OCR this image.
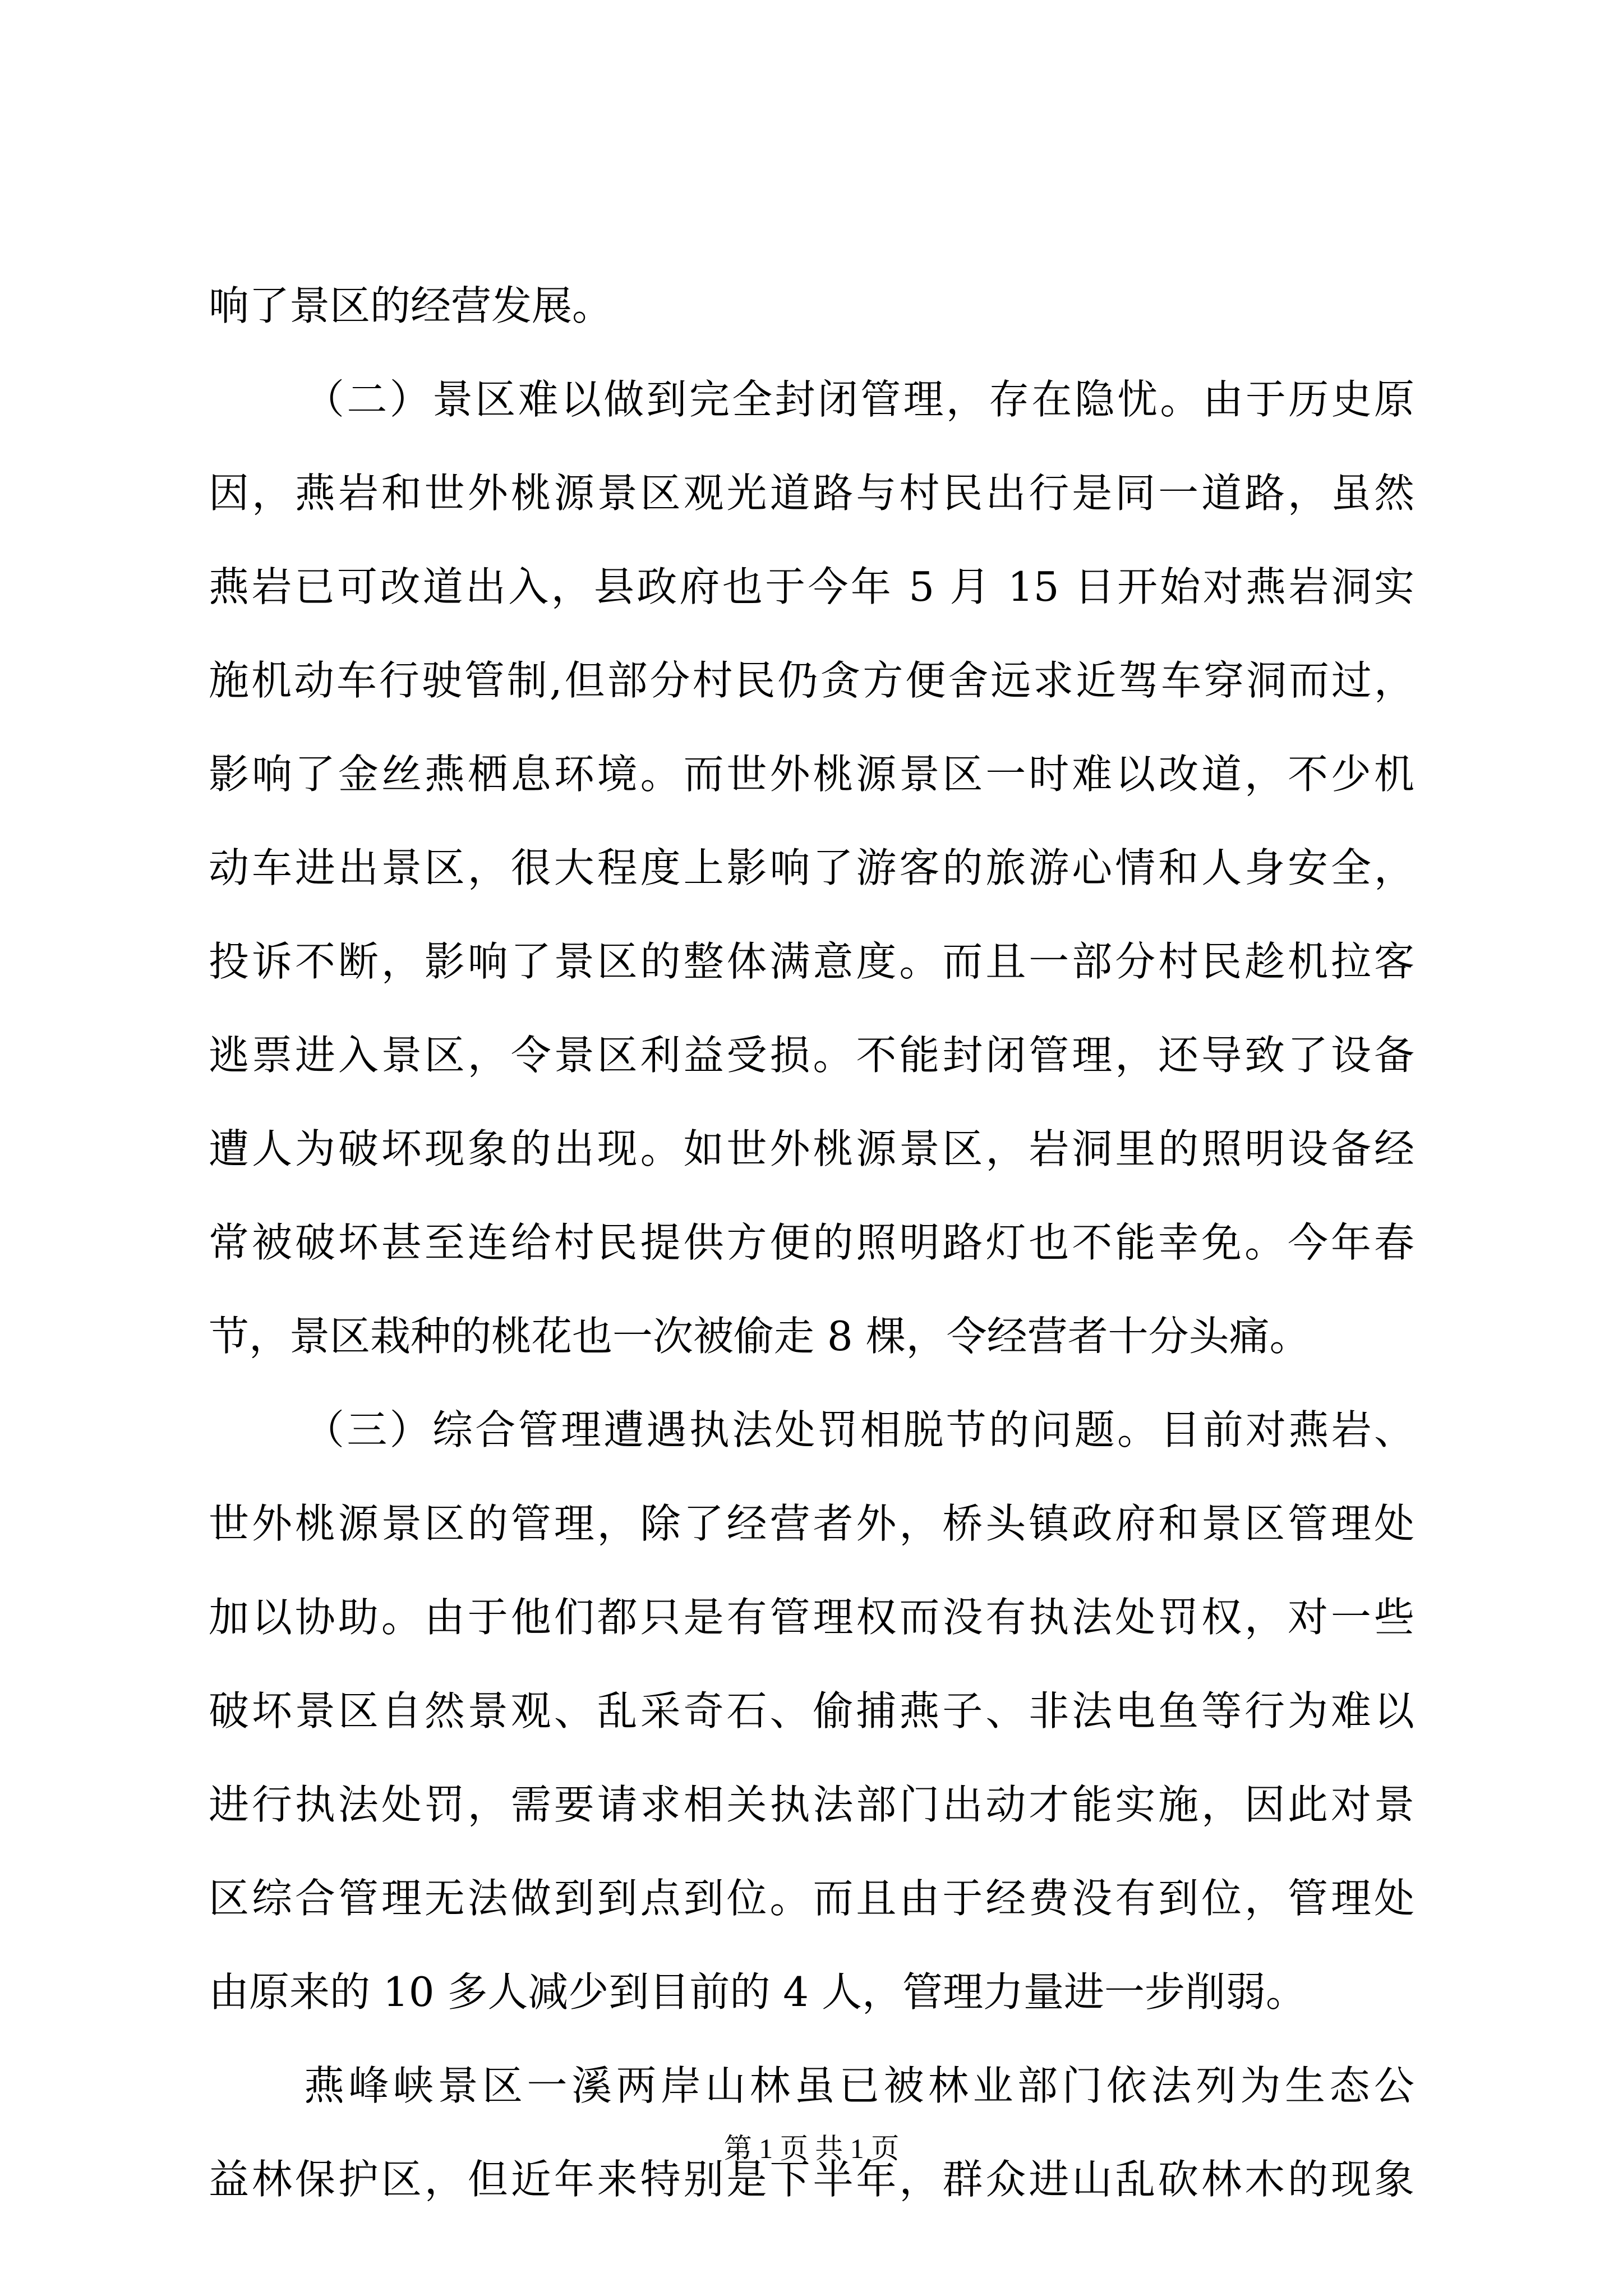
响了景区的经营发展。
（二）景区难以做到完全封闭管理，存在隐忧。由于历史原
因，燕岩和世外桃源景区观光道路与村民出行是同一道路，虽然
燕岩已可改道出入，县政府也于今年 5 月 15 日开始对燕岩洞实
施机动车行驶管制,但部分村民仍贪方便舍远求近驾车穿洞而过，
影响了金丝燕栖息环境。而世外桃源景区一时难以改道，不少机
动车进出景区，很大程度上影响了游客的旅游心情和人身安全，
投诉不断，影响了景区的整体满意度。而且一部分村民趁机拉客
逃票进入景区，令景区利益受损。不能封闭管理，还导致了设备
遭人为破坏现象的出现。如世外桃源景区，岩洞里的照明设备经
常被破坏甚至连给村民提供方便的照明路灯也不能幸免。今年春
节，景区栽种的桃花也一次被偷走 8 棵，令经营者十分头痛。
（三）综合管理遭遇执法处罚相脱节的问题。目前对燕岩、
世外桃源景区的管理，除了经营者外，桥头镇政府和景区管理处
加以协助。由于他们都只是有管理权而没有执法处罚权，对一些
破坏景区自然景观、乱采奇石、偷捕燕子、非法电鱼等行为难以
进行执法处罚，需要请求相关执法部门出动才能实施，因此对景
区综合管理无法做到到点到位。而且由于经费没有到位，管理处
由原来的 10 多人减少到目前的 4 人，管理力量进一步削弱。
燕峰峡景区一溪两岸山林虽已被林业部门依法列为生态公
益林保护区，但近年来特别是下半年，群众进山乱砍林木的现象
第 1 页 共 1 页
